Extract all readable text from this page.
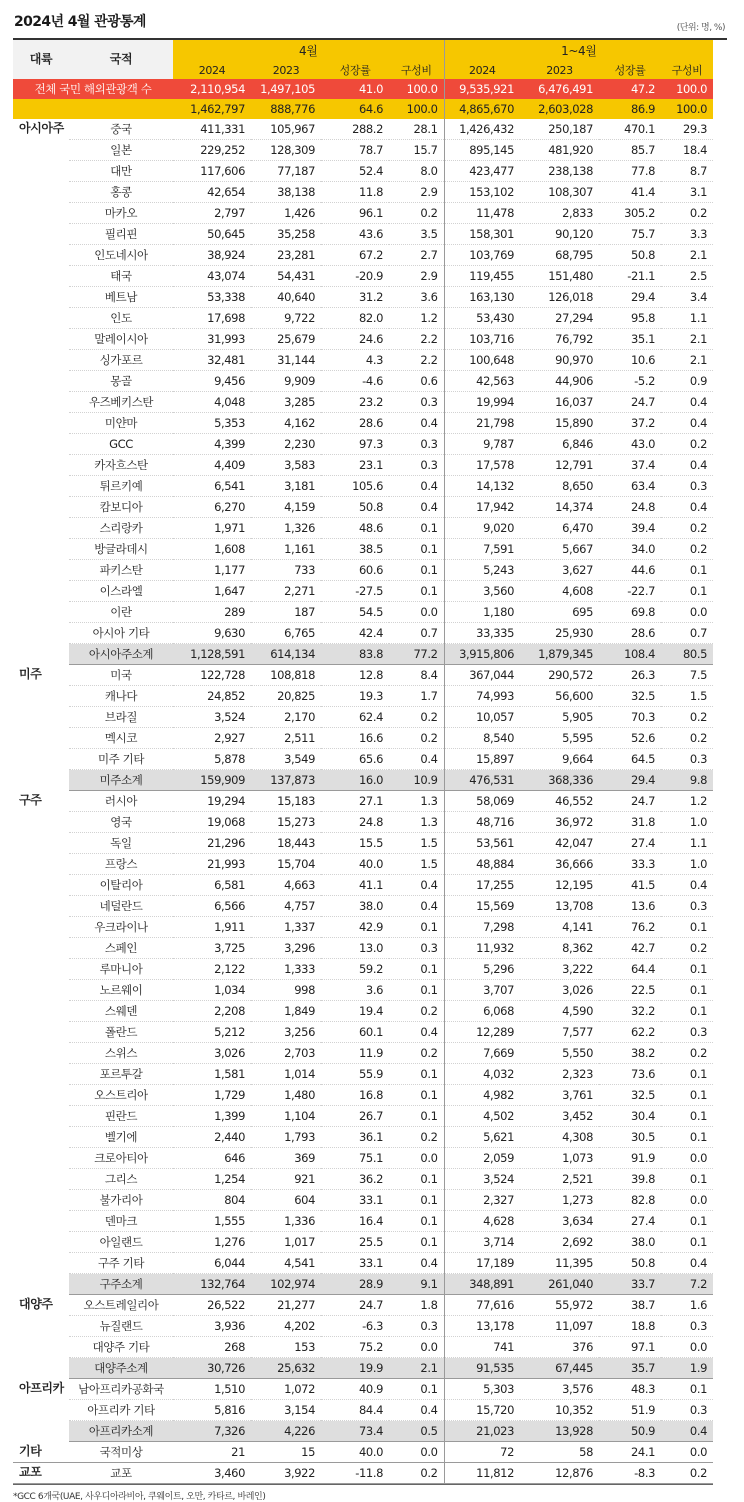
2024년 4월 관광통계	(단위: 명, %)
대륙	국적	4월				1~4월			
		2024	2023	성장률	구성비	2024	2023	성장률	구성비
전체 국민 해외관광객 수		2,110,954	1,497,105	41.0	100.0	9,535,921	6,476,491	47.2	100.0
		1,462,797	888,776	64.6	100.0	4,865,670	2,603,028	86.9	100.0
아시아주	중국	411,331	105,967	288.2	28.1	1,426,432	250,187	470.1	29.3
	일본	229,252	128,309	78.7	15.7	895,145	481,920	85.7	18.4
	대만	117,606	77,187	52.4	8.0	423,477	238,138	77.8	8.7
	홍콩	42,654	38,138	11.8	2.9	153,102	108,307	41.4	3.1
	마카오	2,797	1,426	96.1	0.2	11,478	2,833	305.2	0.2
	필리핀	50,645	35,258	43.6	3.5	158,301	90,120	75.7	3.3
	인도네시아	38,924	23,281	67.2	2.7	103,769	68,795	50.8	2.1
	태국	43,074	54,431	-20.9	2.9	119,455	151,480	-21.1	2.5
	베트남	53,338	40,640	31.2	3.6	163,130	126,018	29.4	3.4
	인도	17,698	9,722	82.0	1.2	53,430	27,294	95.8	1.1
	말레이시아	31,993	25,679	24.6	2.2	103,716	76,792	35.1	2.1
	싱가포르	32,481	31,144	4.3	2.2	100,648	90,970	10.6	2.1
	몽골	9,456	9,909	-4.6	0.6	42,563	44,906	-5.2	0.9
	우즈베키스탄	4,048	3,285	23.2	0.3	19,994	16,037	24.7	0.4
	미얀마	5,353	4,162	28.6	0.4	21,798	15,890	37.2	0.4
	GCC	4,399	2,230	97.3	0.3	9,787	6,846	43.0	0.2
	카자흐스탄	4,409	3,583	23.1	0.3	17,578	12,791	37.4	0.4
	튀르키예	6,541	3,181	105.6	0.4	14,132	8,650	63.4	0.3
	캄보디아	6,270	4,159	50.8	0.4	17,942	14,374	24.8	0.4
	스리랑카	1,971	1,326	48.6	0.1	9,020	6,470	39.4	0.2
	방글라데시	1,608	1,161	38.5	0.1	7,591	5,667	34.0	0.2
	파키스탄	1,177	733	60.6	0.1	5,243	3,627	44.6	0.1
	이스라엘	1,647	2,271	-27.5	0.1	3,560	4,608	-22.7	0.1
	이란	289	187	54.5	0.0	1,180	695	69.8	0.0
	아시아 기타	9,630	6,765	42.4	0.7	33,335	25,930	28.6	0.7
	아시아주소계	1,128,591	614,134	83.8	77.2	3,915,806	1,879,345	108.4	80.5
미주	미국	122,728	108,818	12.8	8.4	367,044	290,572	26.3	7.5
	캐나다	24,852	20,825	19.3	1.7	74,993	56,600	32.5	1.5
	브라질	3,524	2,170	62.4	0.2	10,057	5,905	70.3	0.2
	멕시코	2,927	2,511	16.6	0.2	8,540	5,595	52.6	0.2
	미주 기타	5,878	3,549	65.6	0.4	15,897	9,664	64.5	0.3
	미주소계	159,909	137,873	16.0	10.9	476,531	368,336	29.4	9.8
구주	러시아	19,294	15,183	27.1	1.3	58,069	46,552	24.7	1.2
	영국	19,068	15,273	24.8	1.3	48,716	36,972	31.8	1.0
	독일	21,296	18,443	15.5	1.5	53,561	42,047	27.4	1.1
	프랑스	21,993	15,704	40.0	1.5	48,884	36,666	33.3	1.0
	이탈리아	6,581	4,663	41.1	0.4	17,255	12,195	41.5	0.4
	네덜란드	6,566	4,757	38.0	0.4	15,569	13,708	13.6	0.3
	우크라이나	1,911	1,337	42.9	0.1	7,298	4,141	76.2	0.1
	스페인	3,725	3,296	13.0	0.3	11,932	8,362	42.7	0.2
	루마니아	2,122	1,333	59.2	0.1	5,296	3,222	64.4	0.1
	노르웨이	1,034	998	3.6	0.1	3,707	3,026	22.5	0.1
	스웨덴	2,208	1,849	19.4	0.2	6,068	4,590	32.2	0.1
	폴란드	5,212	3,256	60.1	0.4	12,289	7,577	62.2	0.3
	스위스	3,026	2,703	11.9	0.2	7,669	5,550	38.2	0.2
	포르투갈	1,581	1,014	55.9	0.1	4,032	2,323	73.6	0.1
	오스트리아	1,729	1,480	16.8	0.1	4,982	3,761	32.5	0.1
	핀란드	1,399	1,104	26.7	0.1	4,502	3,452	30.4	0.1
	벨기에	2,440	1,793	36.1	0.2	5,621	4,308	30.5	0.1
	크로아티아	646	369	75.1	0.0	2,059	1,073	91.9	0.0
	그리스	1,254	921	36.2	0.1	3,524	2,521	39.8	0.1
	불가리아	804	604	33.1	0.1	2,327	1,273	82.8	0.0
	덴마크	1,555	1,336	16.4	0.1	4,628	3,634	27.4	0.1
	아일랜드	1,276	1,017	25.5	0.1	3,714	2,692	38.0	0.1
	구주 기타	6,044	4,541	33.1	0.4	17,189	11,395	50.8	0.4
	구주소계	132,764	102,974	28.9	9.1	348,891	261,040	33.7	7.2
대양주	오스트레일리아	26,522	21,277	24.7	1.8	77,616	55,972	38.7	1.6
	뉴질랜드	3,936	4,202	-6.3	0.3	13,178	11,097	18.8	0.3
	대양주 기타	268	153	75.2	0.0	741	376	97.1	0.0
	대양주소계	30,726	25,632	19.9	2.1	91,535	67,445	35.7	1.9
아프리카	남아프리카공화국	1,510	1,072	40.9	0.1	5,303	3,576	48.3	0.1
	아프리카 기타	5,816	3,154	84.4	0.4	15,720	10,352	51.9	0.3
	아프리카소계	7,326	4,226	73.4	0.5	21,023	13,928	50.9	0.4
기타	국적미상	21	15	40.0	0.0	72	58	24.1	0.0
교포	교포	3,460	3,922	-11.8	0.2	11,812	12,876	-8.3	0.2
*GCC 6개국(UAE, 사우디아라비아, 쿠웨이트, 오만, 카타르, 바레인)
